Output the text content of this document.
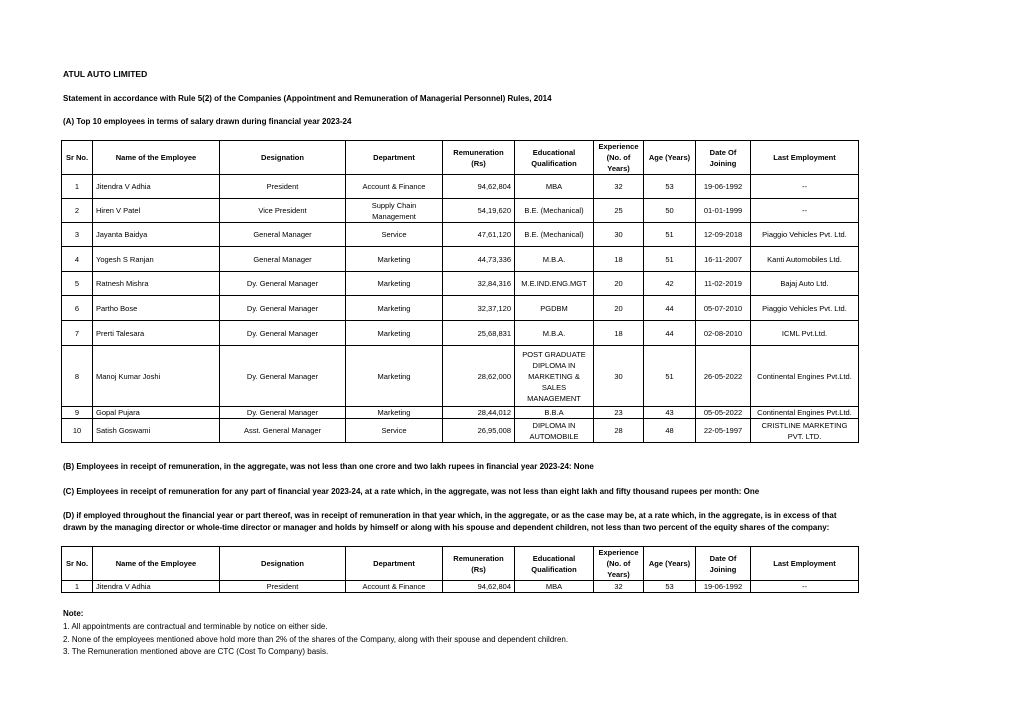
ATUL AUTO LIMITED
Statement in accordance with Rule 5(2) of the Companies (Appointment and Remuneration of Managerial Personnel) Rules, 2014
(A) Top 10 employees in terms of salary drawn during financial year 2023-24
Sr No.	Name of the Employee	Designation	Department	Remuneration (Rs)	Educational Qualification	Experience (No. of Years)	Age (Years)	Date Of Joining	Last Employment
1	Jitendra V Adhia	President	Account & Finance	94,62,804	MBA	32	53	19-06-1992	--
2	Hiren V Patel	Vice President	Supply Chain Management	54,19,620	B.E. (Mechanical)	25	50	01-01-1999	--
3	Jayanta Baidya	General Manager	Service	47,61,120	B.E. (Mechanical)	30	51	12-09-2018	Piaggio Vehicles Pvt. Ltd.
4	Yogesh S Ranjan	General Manager	Marketing	44,73,336	M.B.A.	18	51	16-11-2007	Kanti Automobiles Ltd.
5	Ratnesh Mishra	Dy. General Manager	Marketing	32,84,316	M.E.IND.ENG.MGT	20	42	11-02-2019	Bajaj Auto Ltd.
6	Partho Bose	Dy. General Manager	Marketing	32,37,120	PGDBM	20	44	05-07-2010	Piaggio Vehicles Pvt. Ltd.
7	Prerti Talesara	Dy. General Manager	Marketing	25,68,831	M.B.A.	18	44	02-08-2010	ICML Pvt.Ltd.
8	Manoj Kumar Joshi	Dy. General Manager	Marketing	28,62,000	POST GRADUATE DIPLOMA IN MARKETING & SALES MANAGEMENT	30	51	26-05-2022	Continental Engines Pvt.Ltd.
9	Gopal Pujara	Dy. General Manager	Marketing	28,44,012	B.B.A	23	43	05-05-2022	Continental Engines Pvt.Ltd.
10	Satish Goswami	Asst. General Manager	Service	26,95,008	DIPLOMA IN AUTOMOBILE	28	48	22-05-1997	CRISTLINE MARKETING PVT. LTD.
(B) Employees in receipt of remuneration, in the aggregate, was not less than one crore and two lakh rupees in financial year 2023-24: None
(C) Employees in receipt of remuneration for any part of financial year 2023-24, at a rate which, in the aggregate, was not less than eight lakh and fifty thousand rupees per month: One
(D) if employed throughout the financial year or part thereof, was in receipt of remuneration in that year which, in the aggregate, or as the case may be, at a rate which, in the aggregate, is in excess of that
drawn by the managing director or whole-time director or manager and holds by himself or along with his spouse and dependent children, not less than two percent of the equity shares of the company:
Sr No.	Name of the Employee	Designation	Department	Remuneration (Rs)	Educational Qualification	Experience (No. of Years)	Age (Years)	Date Of Joining	Last Employment
1	Jitendra V Adhia	President	Account & Finance	94,62,804	MBA	32	53	19-06-1992	--
Note:
1. All appointments are contractual and terminable by notice on either side.
2. None of the employees mentioned above hold more than 2% of the shares of the Company, along with their spouse and dependent children.
3. The Remuneration mentioned above are CTC (Cost To Company) basis.
